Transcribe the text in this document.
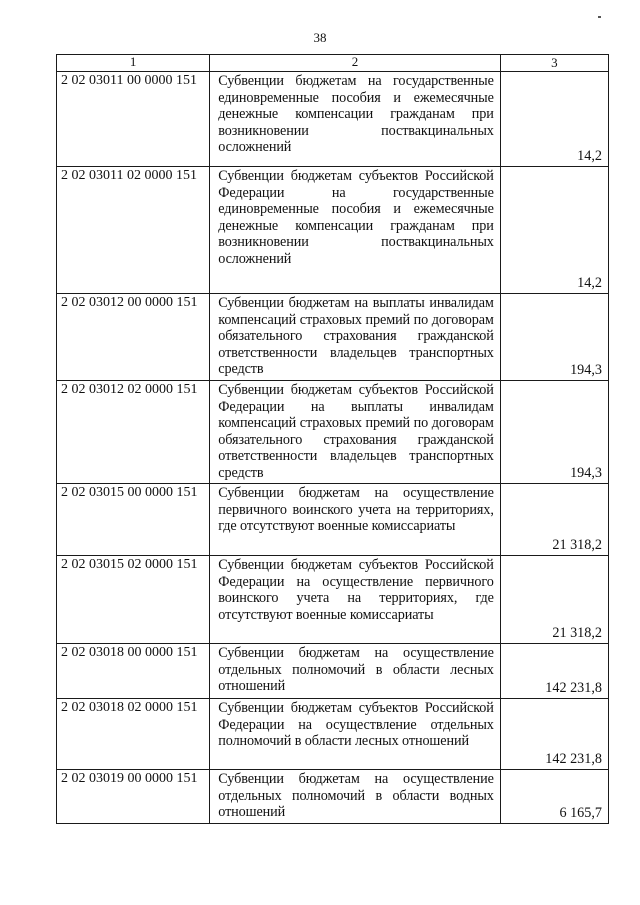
38
1	2	3
2 02 03011 00 0000 151	Субвенции бюджетам на государственные единовременные пособия и ежемесячные денежные компенсации гражданам при возникновении поствакцинальных осложнений	14,2
2 02 03011 02 0000 151	Субвенции бюджетам субъектов Российской Федерации на государственные единовременные пособия и ежемесячные денежные компенсации гражданам при возникновении поствакцинальных осложнений	14,2
2 02 03012 00 0000 151	Субвенции бюджетам на выплаты инвалидам компенсаций страховых премий по договорам обязательного страхования гражданской ответственности владельцев транспортных средств	194,3
2 02 03012 02 0000 151	Субвенции бюджетам субъектов Российской Федерации на выплаты инвалидам компенсаций страховых премий по договорам обязательного страхования гражданской ответственности владельцев транспортных средств	194,3
2 02 03015 00 0000 151	Субвенции бюджетам на осуществление первичного воинского учета на территориях, где отсутствуют военные комиссариаты	21 318,2
2 02 03015 02 0000 151	Субвенции бюджетам субъектов Российской Федерации на осуществление первичного воинского учета на территориях, где отсутствуют военные комиссариаты	21 318,2
2 02 03018 00 0000 151	Субвенции бюджетам на осуществление отдельных полномочий в области лесных отношений	142 231,8
2 02 03018 02 0000 151	Субвенции бюджетам субъектов Российской Федерации на осуществление отдельных полномочий в области лесных отношений	142 231,8
2 02 03019 00 0000 151	Субвенции бюджетам на осуществление отдельных полномочий в области водных отношений	6 165,7
